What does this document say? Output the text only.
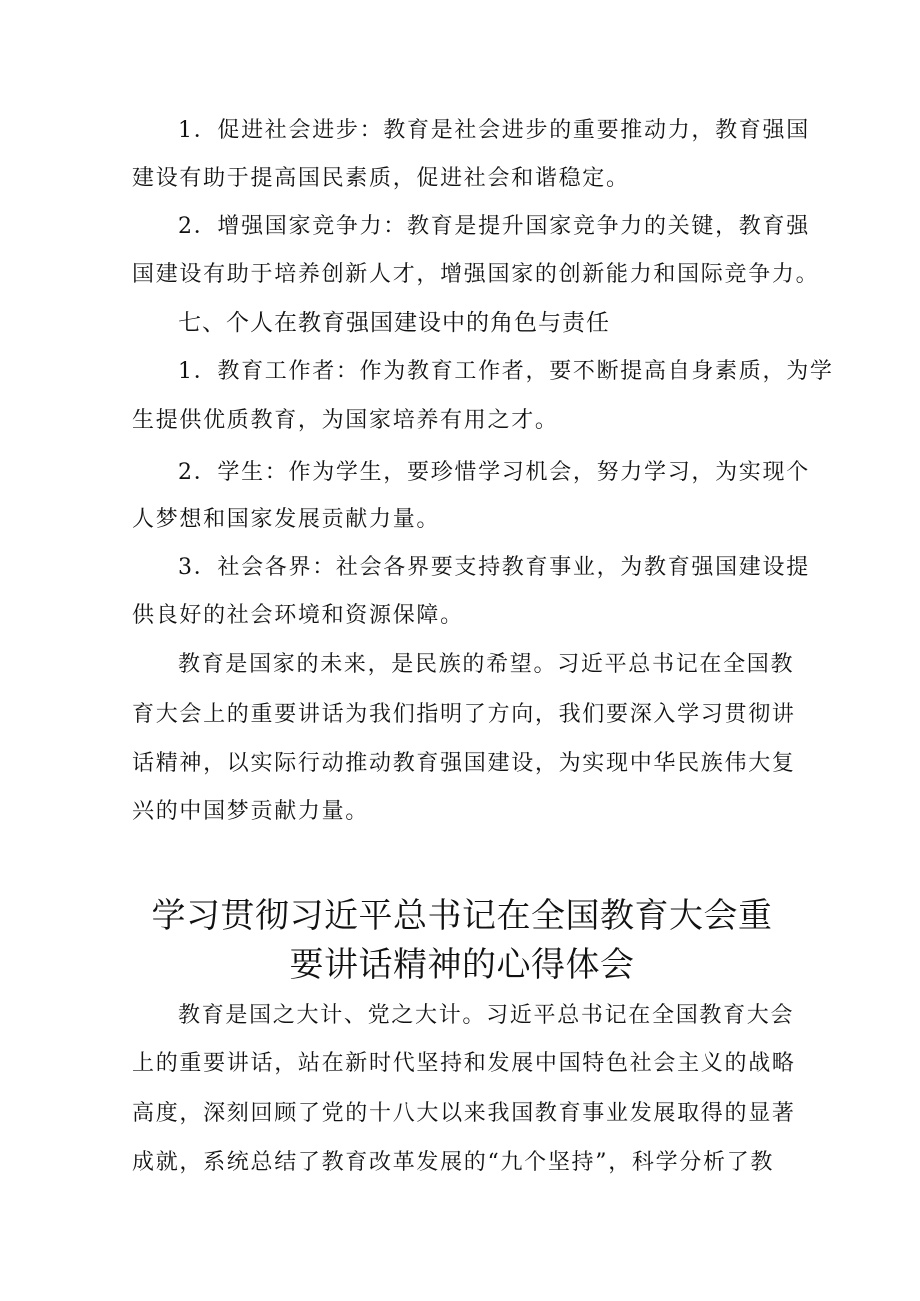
1．促进社会进步：教育是社会进步的重要推动力，教育强国
建设有助于提高国民素质，促进社会和谐稳定。
2．增强国家竞争力：教育是提升国家竞争力的关键，教育强
国建设有助于培养创新人才，增强国家的创新能力和国际竞争力。
七、个人在教育强国建设中的角色与责任
1．教育工作者：作为教育工作者，要不断提高自身素质，为学
生提供优质教育，为国家培养有用之才。
2．学生：作为学生，要珍惜学习机会，努力学习，为实现个
人梦想和国家发展贡献力量。
3．社会各界：社会各界要支持教育事业，为教育强国建设提
供良好的社会环境和资源保障。
教育是国家的未来，是民族的希望。习近平总书记在全国教
育大会上的重要讲话为我们指明了方向，我们要深入学习贯彻讲
话精神，以实际行动推动教育强国建设，为实现中华民族伟大复
兴的中国梦贡献力量。
学习贯彻习近平总书记在全国教育大会重
要讲话精神的心得体会
教育是国之大计、党之大计。习近平总书记在全国教育大会
上的重要讲话，站在新时代坚持和发展中国特色社会主义的战略
高度，深刻回顾了党的十八大以来我国教育事业发展取得的显著
成就，系统总结了教育改革发展的“九个坚持”，科学分析了教
